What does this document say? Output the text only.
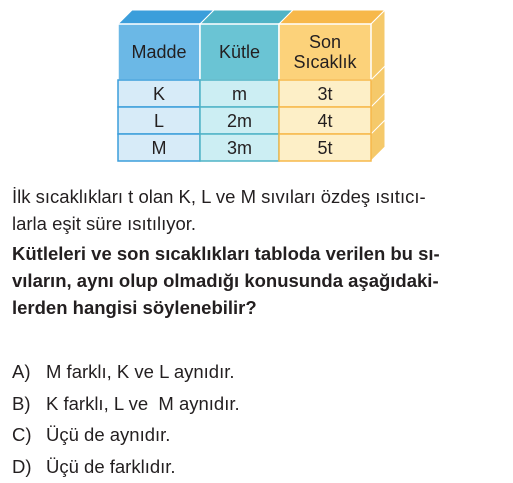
Madde	Kütle	Son Sıcaklık
K	m	3t
L	2m	4t
M	3m	5t
İlk sıcaklıkları t olan K, L ve M sıvıları özdeş ısıtıcı-
larla eşit süre ısıtılıyor.
Kütleleri ve son sıcaklıkları tabloda verilen bu sı-
vıların, aynı olup olmadığı konusunda aşağıdaki-
lerden hangisi söylenebilir?
A) M farklı, K ve L aynıdır.
B) K farklı, L ve  M aynıdır.
C) Üçü de aynıdır.
D) Üçü de farklıdır.
